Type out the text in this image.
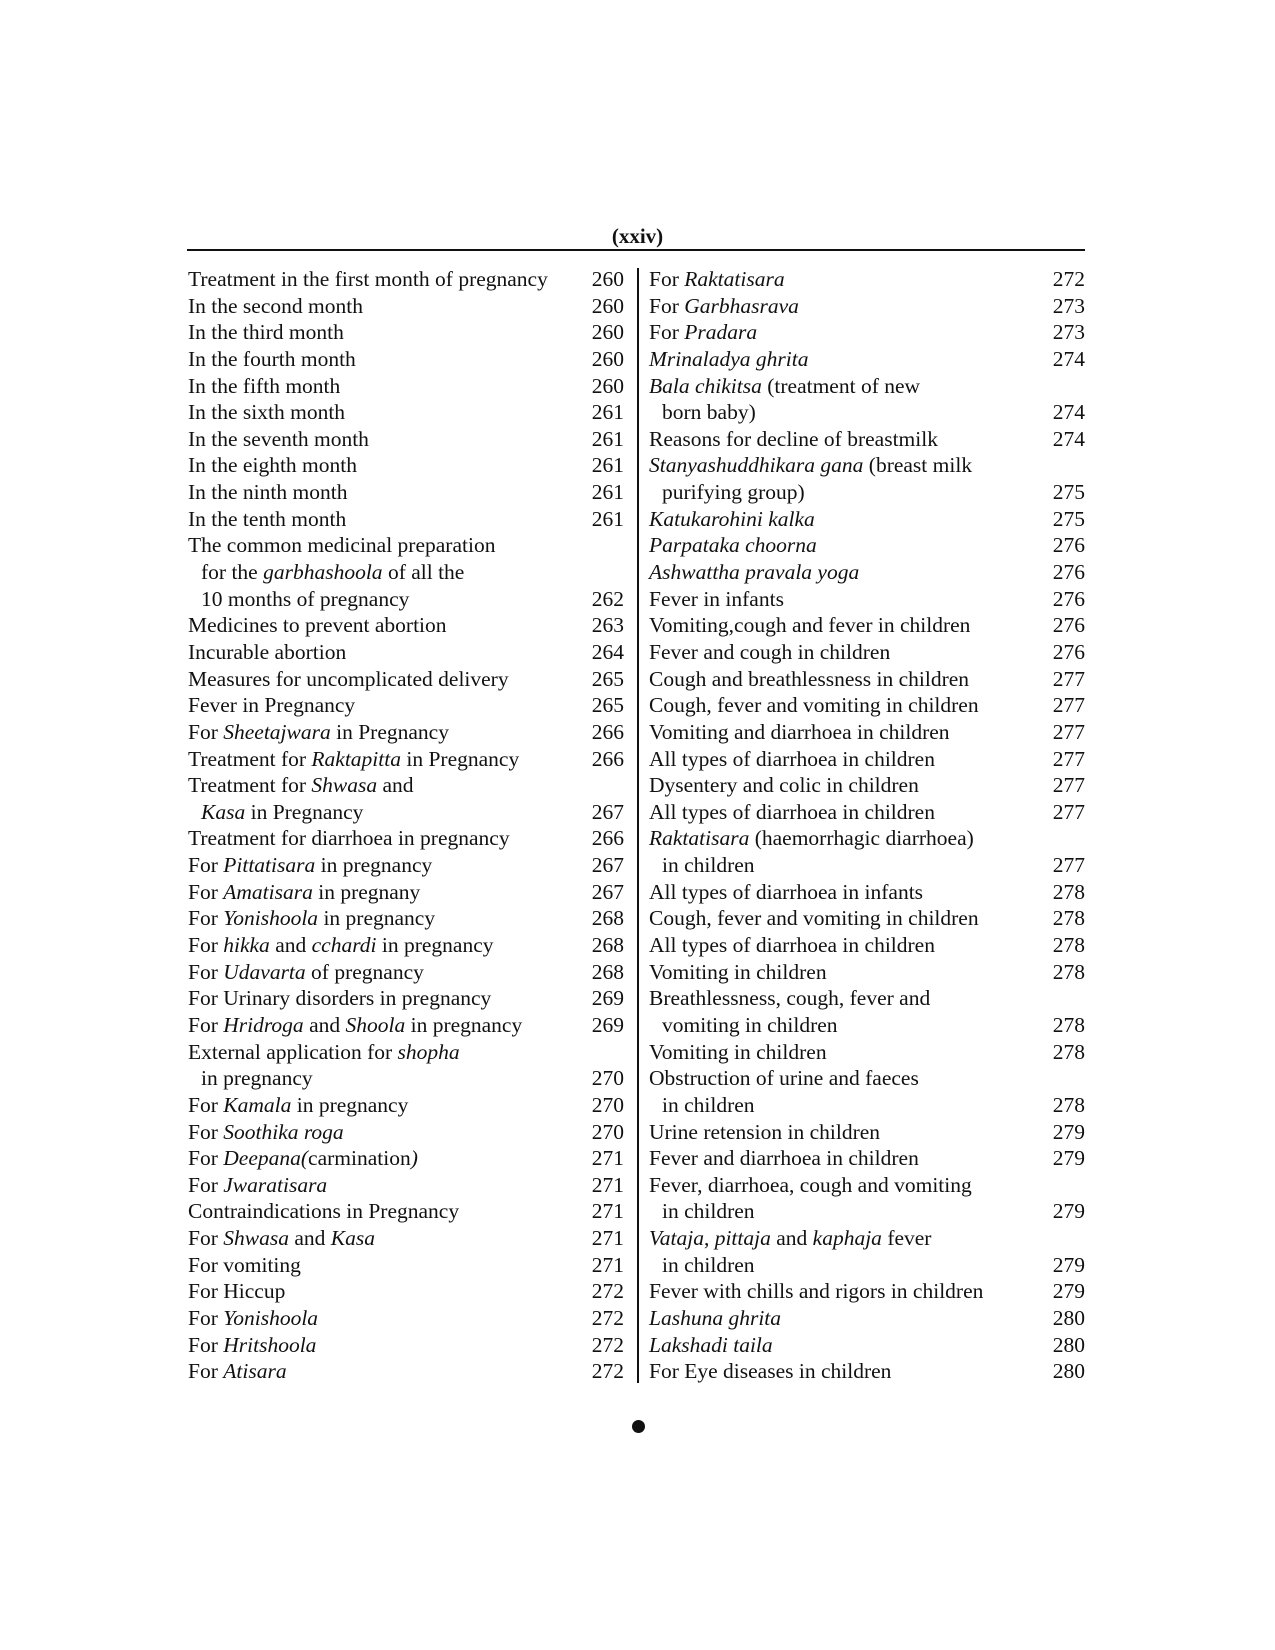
(xxiv)
Treatment in the first month of pregnancy 260
In the second month	260
In the third month	260
In the fourth month	260
In the fifth month	260
In the sixth month	261
In the seventh month	261
In the eighth month	261
In the ninth month	261
In the tenth month	261
The common medicinal preparation
for the garbhashoola of all the
10 months of pregnancy	262
Medicines to prevent abortion	263
Incurable abortion	264
Measures for uncomplicated delivery	265
Fever in Pregnancy	265
For Sheetajwara in Pregnancy	266
Treatment for Raktapitta in Pregnancy	266
Treatment for Shwasa and
Kasa in Pregnancy	267
Treatment for diarrhoea in pregnancy	266
For Pittatisara in pregnancy	267
For Amatisara in pregnany	267
For Yonishoola in pregnancy	268
For hikka and cchardi in pregnancy	268
For Udavarta of pregnancy	268
For Urinary disorders in pregnancy	269
For Hridroga and Shoola in pregnancy	269
External application for shopha
in pregnancy	270
For Kamala in pregnancy	270
For Soothika roga	270
For Deepana(carmination)	271
For Jwaratisara	271
Contraindications in Pregnancy	271
For Shwasa and Kasa	271
For vomiting	271
For Hiccup	272
For Yonishoola	272
For Hritshoola	272
For Atisara	272
For Raktatisara	272
For Garbhasrava	273
For Pradara	273
Mrinaladya ghrita	274
Bala chikitsa (treatment of new
born baby)	274
Reasons for decline of breastmilk	274
Stanyashuddhikara gana (breast milk
purifying group)	275
Katukarohini kalka	275
Parpataka choorna	276
Ashwattha pravala yoga	276
Fever in infants	276
Vomiting,cough and fever in children	276
Fever and cough in children	276
Cough and breathlessness in children	277
Cough, fever and vomiting in children	277
Vomiting and diarrhoea in children	277
All types of diarrhoea in children	277
Dysentery and colic in children	277
All types of diarrhoea in children	277
Raktatisara (haemorrhagic diarrhoea)
in children	277
All types of diarrhoea in infants	278
Cough, fever and vomiting in children	278
All types of diarrhoea in children	278
Vomiting in children	278
Breathlessness, cough, fever and
vomiting in children	278
Vomiting in children	278
Obstruction of urine and faeces
in children	278
Urine retension in children	279
Fever and diarrhoea in children	279
Fever, diarrhoea, cough and vomiting
in children	279
Vataja, pittaja and kaphaja fever
in children	279
Fever with chills and rigors in children	279
Lashuna ghrita	280
Lakshadi taila	280
For Eye diseases in children	280
